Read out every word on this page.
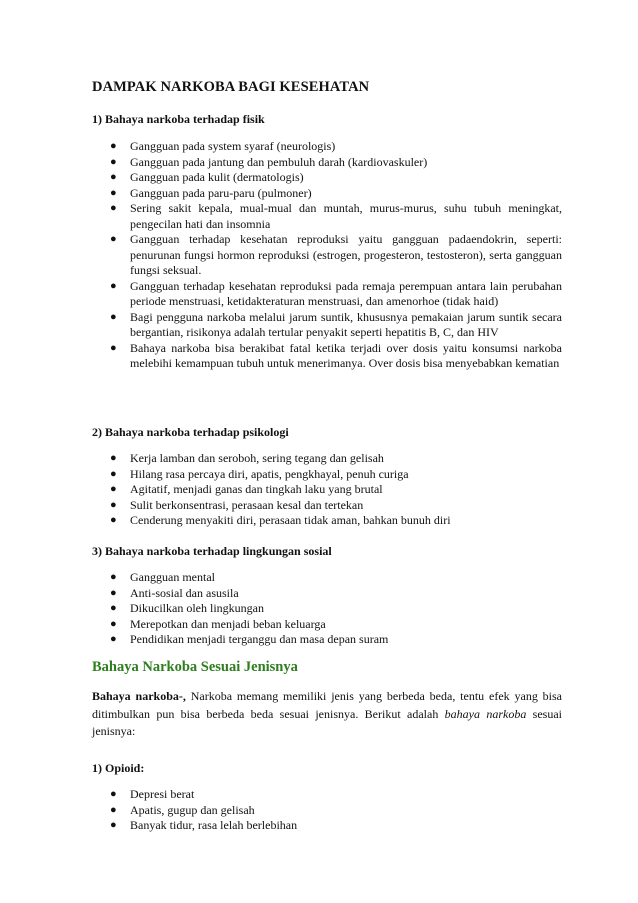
DAMPAK NARKOBA BAGI KESEHATAN
1) Bahaya narkoba terhadap fisik
● Gangguan pada system syaraf (neurologis)
● Gangguan pada jantung dan pembuluh darah (kardiovaskuler)
● Gangguan pada kulit (dermatologis)
● Gangguan pada paru-paru (pulmoner)
● Sering sakit kepala, mual-mual dan muntah, murus-murus, suhu tubuh meningkat, pengecilan hati dan insomnia
● Gangguan terhadap kesehatan reproduksi yaitu gangguan padaendokrin, seperti: penurunan fungsi hormon reproduksi (estrogen, progesteron, testosteron), serta gangguan fungsi seksual.
● Gangguan terhadap kesehatan reproduksi pada remaja perempuan antara lain perubahan periode menstruasi, ketidakteraturan menstruasi, dan amenorhoe (tidak haid)
● Bagi pengguna narkoba melalui jarum suntik, khususnya pemakaian jarum suntik secara bergantian, risikonya adalah tertular penyakit seperti hepatitis B, C, dan HIV
● Bahaya narkoba bisa berakibat fatal ketika terjadi over dosis yaitu konsumsi narkoba melebihi kemampuan tubuh untuk menerimanya. Over dosis bisa menyebabkan kematian
2) Bahaya narkoba terhadap psikologi
● Kerja lamban dan seroboh, sering tegang dan gelisah
● Hilang rasa percaya diri, apatis, pengkhayal, penuh curiga
● Agitatif, menjadi ganas dan tingkah laku yang brutal
● Sulit berkonsentrasi, perasaan kesal dan tertekan
● Cenderung menyakiti diri, perasaan tidak aman, bahkan bunuh diri
3) Bahaya narkoba terhadap lingkungan sosial
● Gangguan mental
● Anti-sosial dan asusila
● Dikucilkan oleh lingkungan
● Merepotkan dan menjadi beban keluarga
● Pendidikan menjadi terganggu dan masa depan suram
Bahaya Narkoba Sesuai Jenisnya
Bahaya narkoba-, Narkoba memang memiliki jenis yang berbeda beda, tentu efek yang bisa ditimbulkan pun bisa berbeda beda sesuai jenisnya. Berikut adalah bahaya narkoba sesuai jenisnya:
1) Opioid:
● Depresi berat
● Apatis, gugup dan gelisah
● Banyak tidur, rasa lelah berlebihan
